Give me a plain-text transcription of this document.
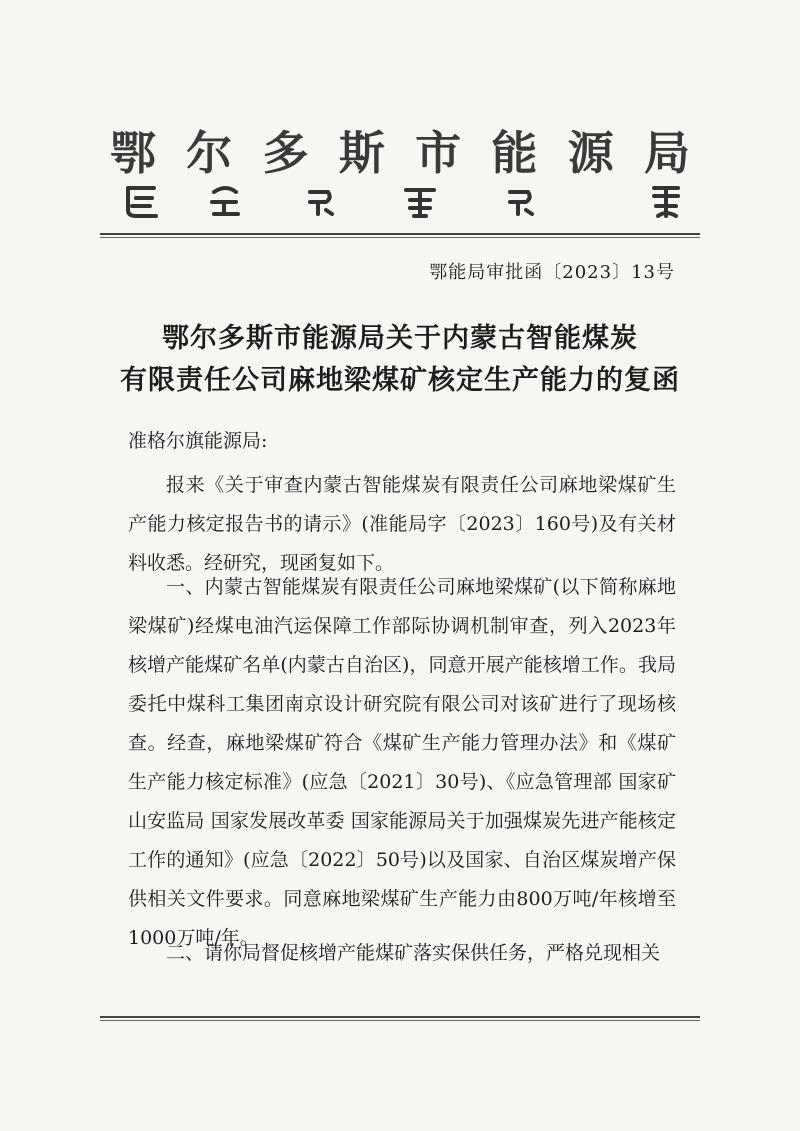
鄂 尔 多 斯 市 能 源 局
鄂能局审批函〔2023〕13号
鄂尔多斯市能源局关于内蒙古智能煤炭
有限责任公司麻地梁煤矿核定生产能力的复函
准格尔旗能源局:
报来《关于审查内蒙古智能煤炭有限责任公司麻地梁煤矿生产能力核定报告书的请示》(准能局字〔2023〕160号)及有关材料收悉。经研究，现函复如下。
一、内蒙古智能煤炭有限责任公司麻地梁煤矿(以下简称麻地梁煤矿)经煤电油汽运保障工作部际协调机制审查，列入2023年核增产能煤矿名单(内蒙古自治区)，同意开展产能核增工作。我局委托中煤科工集团南京设计研究院有限公司对该矿进行了现场核查。经查，麻地梁煤矿符合《煤矿生产能力管理办法》和《煤矿生产能力核定标准》(应急〔2021〕30号)、《应急管理部 国家矿山安监局 国家发展改革委 国家能源局关于加强煤炭先进产能核定工作的通知》(应急〔2022〕50号)以及国家、自治区煤炭增产保供相关文件要求。同意麻地梁煤矿生产能力由800万吨/年核增至1000万吨/年。
二、请你局督促核增产能煤矿落实保供任务，严格兑现相关
